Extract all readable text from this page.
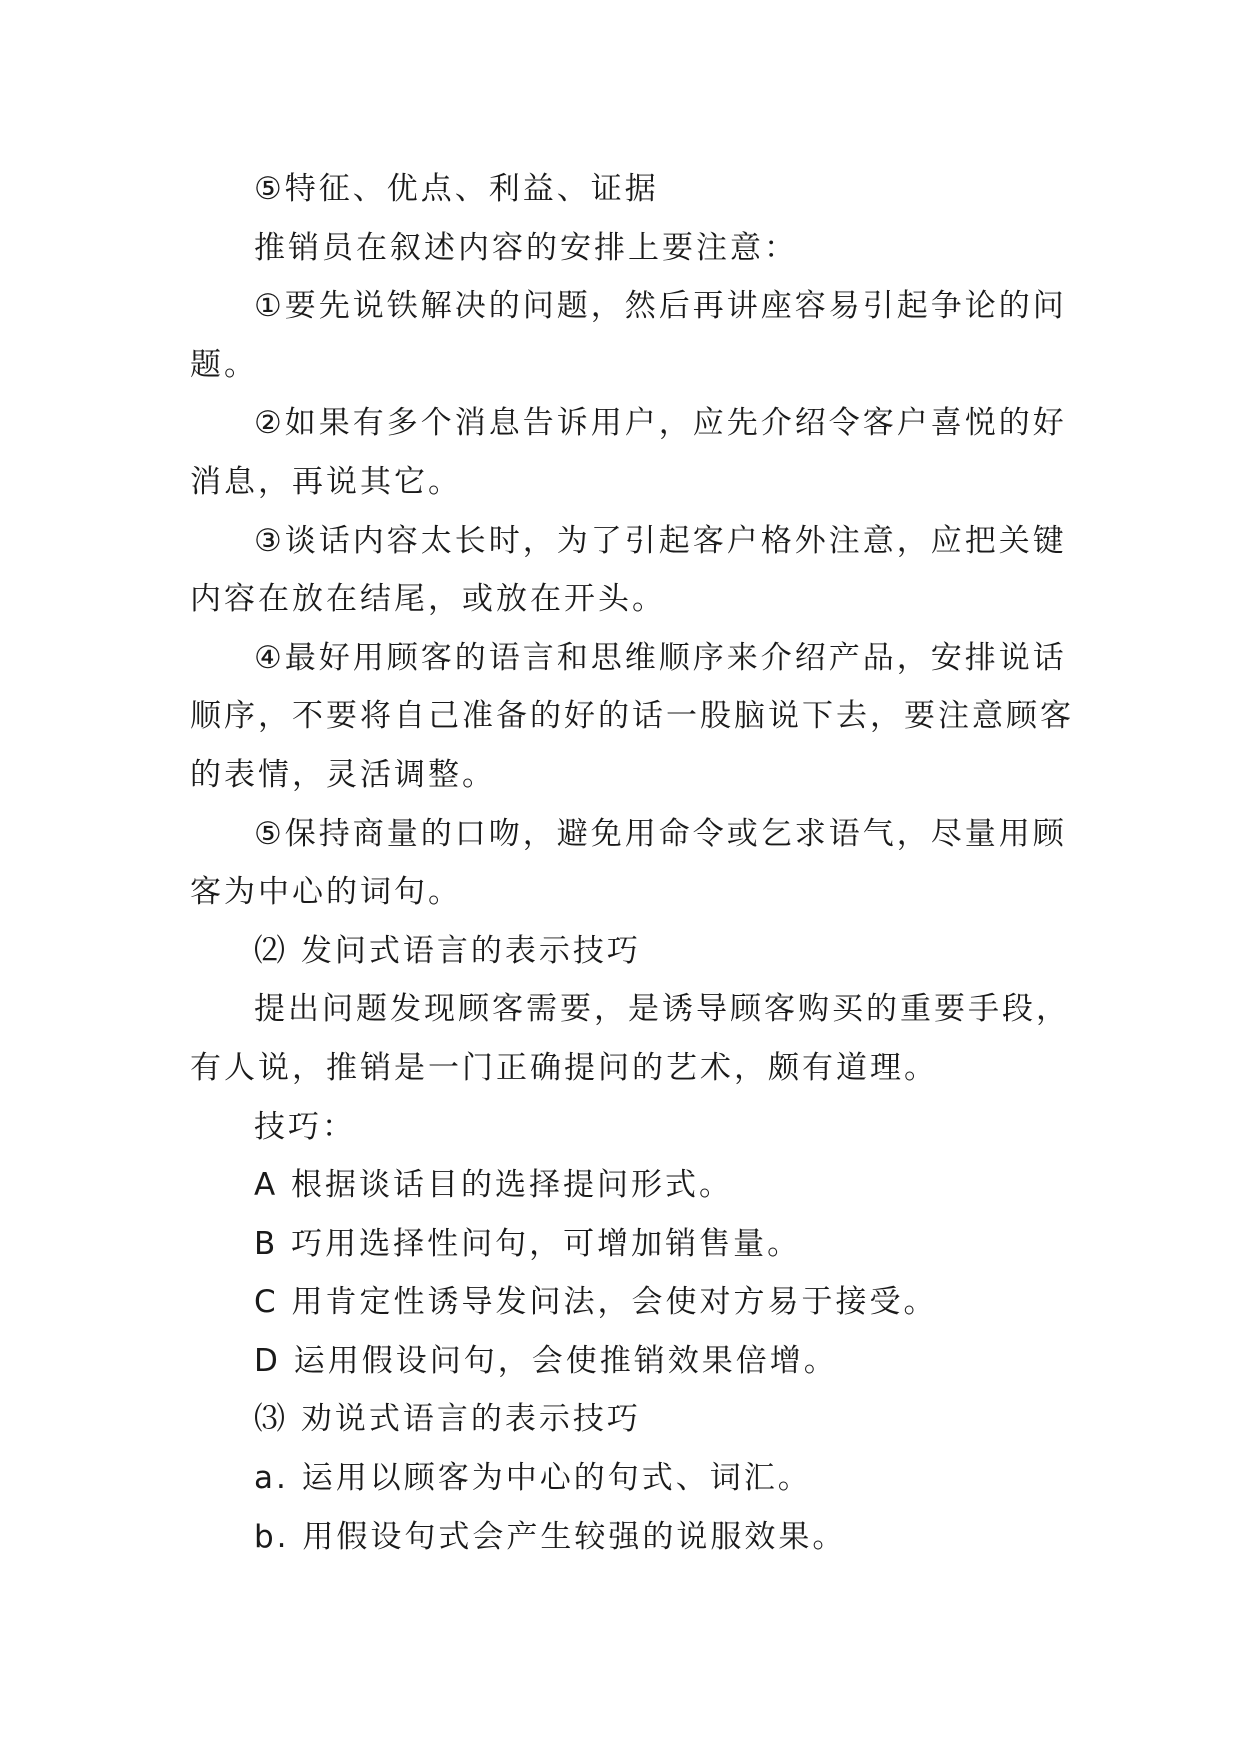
⑤特征、优点、利益、证据
推销员在叙述内容的安排上要注意：
①要先说铁解决的问题，然后再讲座容易引起争论的问
题。
②如果有多个消息告诉用户，应先介绍令客户喜悦的好
消息，再说其它。
③谈话内容太长时，为了引起客户格外注意，应把关键
内容在放在结尾，或放在开头。
④最好用顾客的语言和思维顺序来介绍产品，安排说话
顺序，不要将自己准备的好的话一股脑说下去，要注意顾客
的表情，灵活调整。
⑤保持商量的口吻，避免用命令或乞求语气，尽量用顾
客为中心的词句。
⑵ 发问式语言的表示技巧
提出问题发现顾客需要，是诱导顾客购买的重要手段，
有人说，推销是一门正确提问的艺术，颇有道理。
技巧：
A 根据谈话目的选择提问形式。
B 巧用选择性问句，可增加销售量。
C 用肯定性诱导发问法，会使对方易于接受。
D 运用假设问句，会使推销效果倍增。
⑶ 劝说式语言的表示技巧
a. 运用以顾客为中心的句式、词汇。
b. 用假设句式会产生较强的说服效果。
